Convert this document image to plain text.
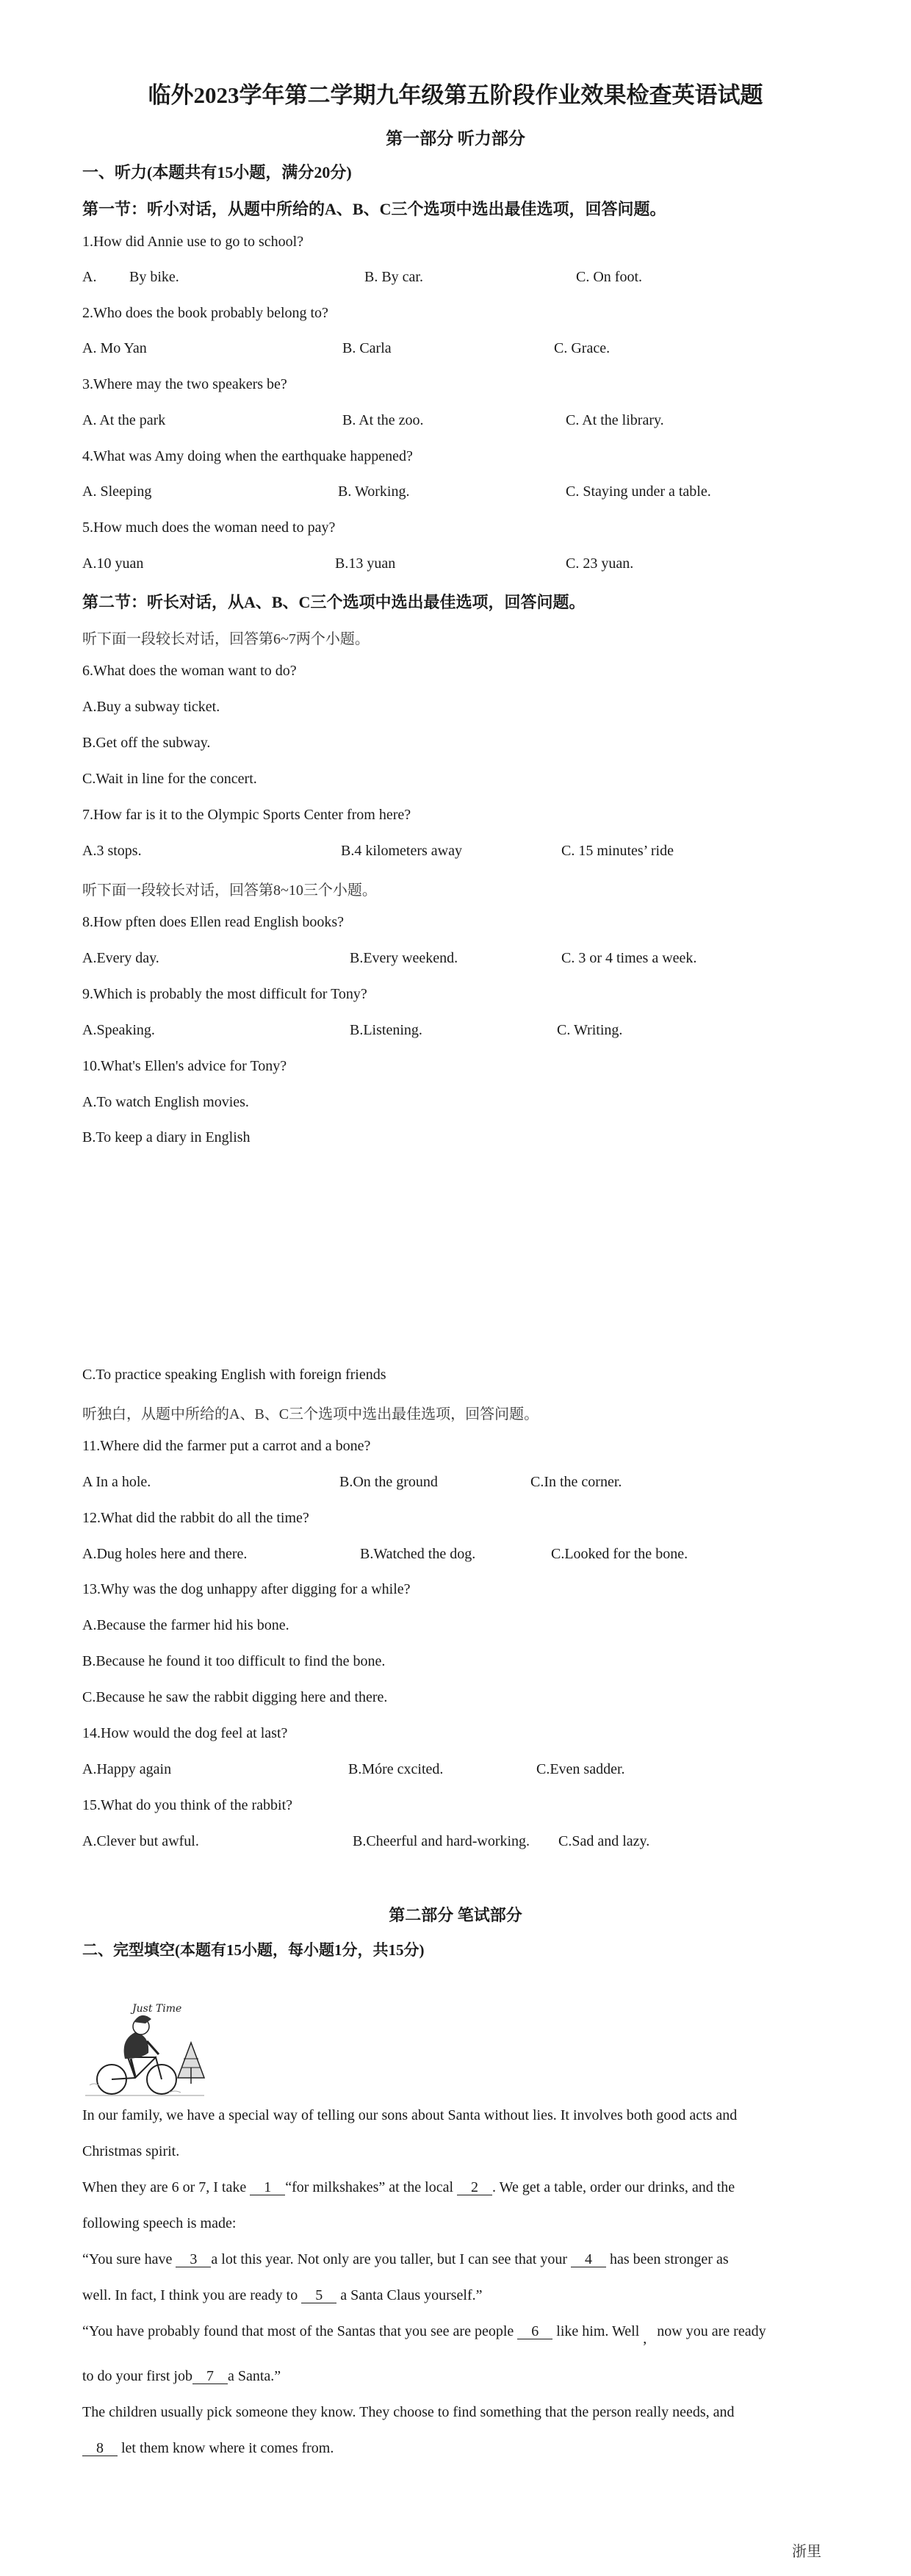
临外2023学年第二学期九年级第五阶段作业效果检查英语试题
第一部分 听力部分
一、听力(本题共有15小题，满分20分)
第一节：听小对话，从题中所给的A、B、C三个选项中选出最佳选项，回答问题。
1.How did Annie use to go to school?
A. By bike.	B. By car.	C. On foot.
2.Who does the book probably belong to?
A. Mo Yan	B. Carla	C. Grace.
3.Where may the two speakers be?
A. At the park	B. At the zoo.	C. At the library.
4.What was Amy doing when the earthquake happened?
A. Sleeping	B. Working.	C. Staying under a table.
5.How much does the woman need to pay?
A.10 yuan	B.13 yuan	C. 23 yuan.
第二节：听长对话，从A、B、C三个选项中选出最佳选项，回答问题。
听下面一段较长对话，回答第6~7两个小题。
6.What does the woman want to do?
A.Buy a subway ticket.
B.Get off the subway.
C.Wait in line for the concert.
7.How far is it to the Olympic Sports Center from here?
A.3 stops.	B.4 kilometers away	C. 15 minutes’ ride
听下面一段较长对话，回答第8~10三个小题。
8.How pften does Ellen read English books?
A.Every day.	B.Every weekend.	C. 3 or 4 times a week.
9.Which is probably the most difficult for Tony?
A.Speaking.	B.Listening.	C. Writing.
10.What's Ellen's advice for Tony?
A.To watch English movies.
B.To keep a diary in English
C.To practice speaking English with foreign friends
听独白，从题中所给的A、B、C三个选项中选出最佳选项，回答问题。
11.Where did the farmer put a carrot and a bone?
A In a hole.	B.On the ground	C.In the corner.
12.What did the rabbit do all the time?
A.Dug holes here and there.	B.Watched the dog.	C.Looked for the bone.
13.Why was the dog unhappy after digging for a while?
A.Because the farmer hid his bone.
B.Because he found it too difficult to find the bone.
C.Because he saw the rabbit digging here and there.
14.How would the dog feel at last?
A.Happy again	B.Móre cxcited.	C.Even sadder.
15.What do you think of the rabbit?
A.Clever but awful.	B.Cheerful and hard-working. C.Sad and lazy.
第二部分 笔试部分
二、完型填空(本题有15小题，每小题1分，共15分)
Just Time
In our family, we have a special way of telling our sons about Santa without lies. It involves both good acts and
Christmas spirit.
When they are 6 or 7, I take 1 “for milkshakes” at the local 2 . We get a table, order our drinks, and the
following speech is made:
“You sure have 3 a lot this year. Not only are you taller, but I can see that your 4 has been stronger as
well. In fact, I think you are ready to 5 a Santa Claus yourself.”
“You have probably found that most of the Santas that you see are people 6 like him. Well , now you are ready
to do your first job 7 a Santa.”
The children usually pick someone they know. They choose to find something that the person really needs, and
8 let them know where it comes from.
浙里
